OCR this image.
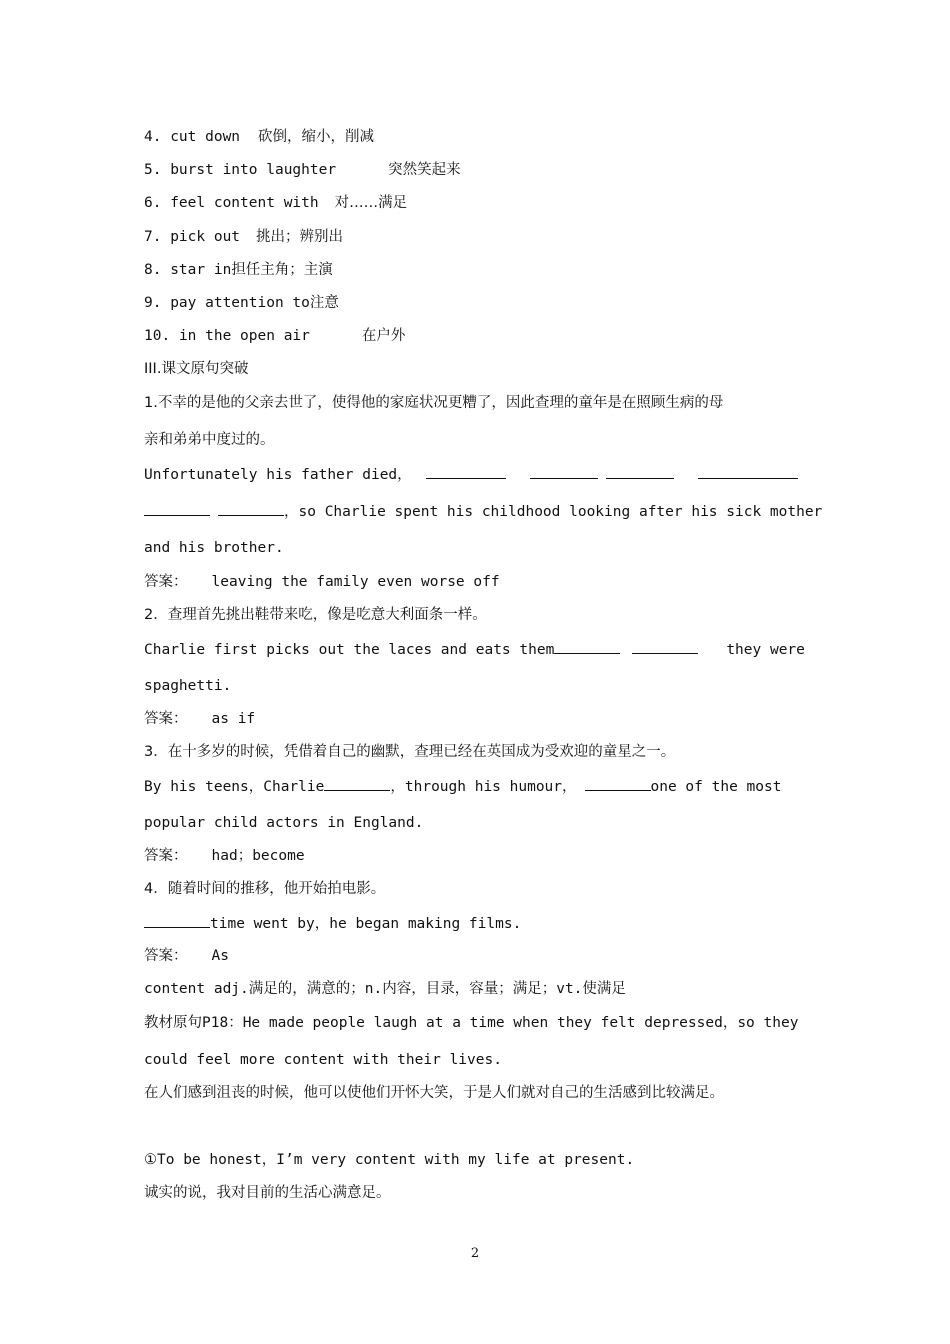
4. cut down 砍倒，缩小，削减
5. burst into laughter	突然笑起来
6. feel content with 对……满足
7. pick out 挑出；辨别出
8. star in担任主角；主演
9. pay attention to注意
10. in the open air	在户外
III.课文原句突破
1.不幸的是他的父亲去世了，使得他的家庭状况更糟了，因此查理的童年是在照顾生病的母
亲和弟弟中度过的。
Unfortunately his father died，
，so Charlie spent his childhood looking after his sick mother
and his brother.
答案： leaving the family even worse off
2．查理首先挑出鞋带来吃，像是吃意大利面条一样。
Charlie first picks out the laces and eats them	they were
spaghetti.
答案： as if
3．在十多岁的时候，凭借着自己的幽默，查理已经在英国成为受欢迎的童星之一。
By his teens，Charlie	，through his humour，	one of the most
popular child actors in England.
答案： had；become
4．随着时间的推移，他开始拍电影。
time went by，he began making films.
答案： As
content adj.满足的，满意的；n.内容，目录，容量；满足；vt.使满足
教材原句P18：He made people laugh at a time when they felt depressed，so they
could feel more content with their lives.
在人们感到沮丧的时候，他可以使他们开怀大笑，于是人们就对自己的生活感到比较满足。
①To be honest，I’m very content with my life at present.
诚实的说，我对目前的生活心满意足。
2
